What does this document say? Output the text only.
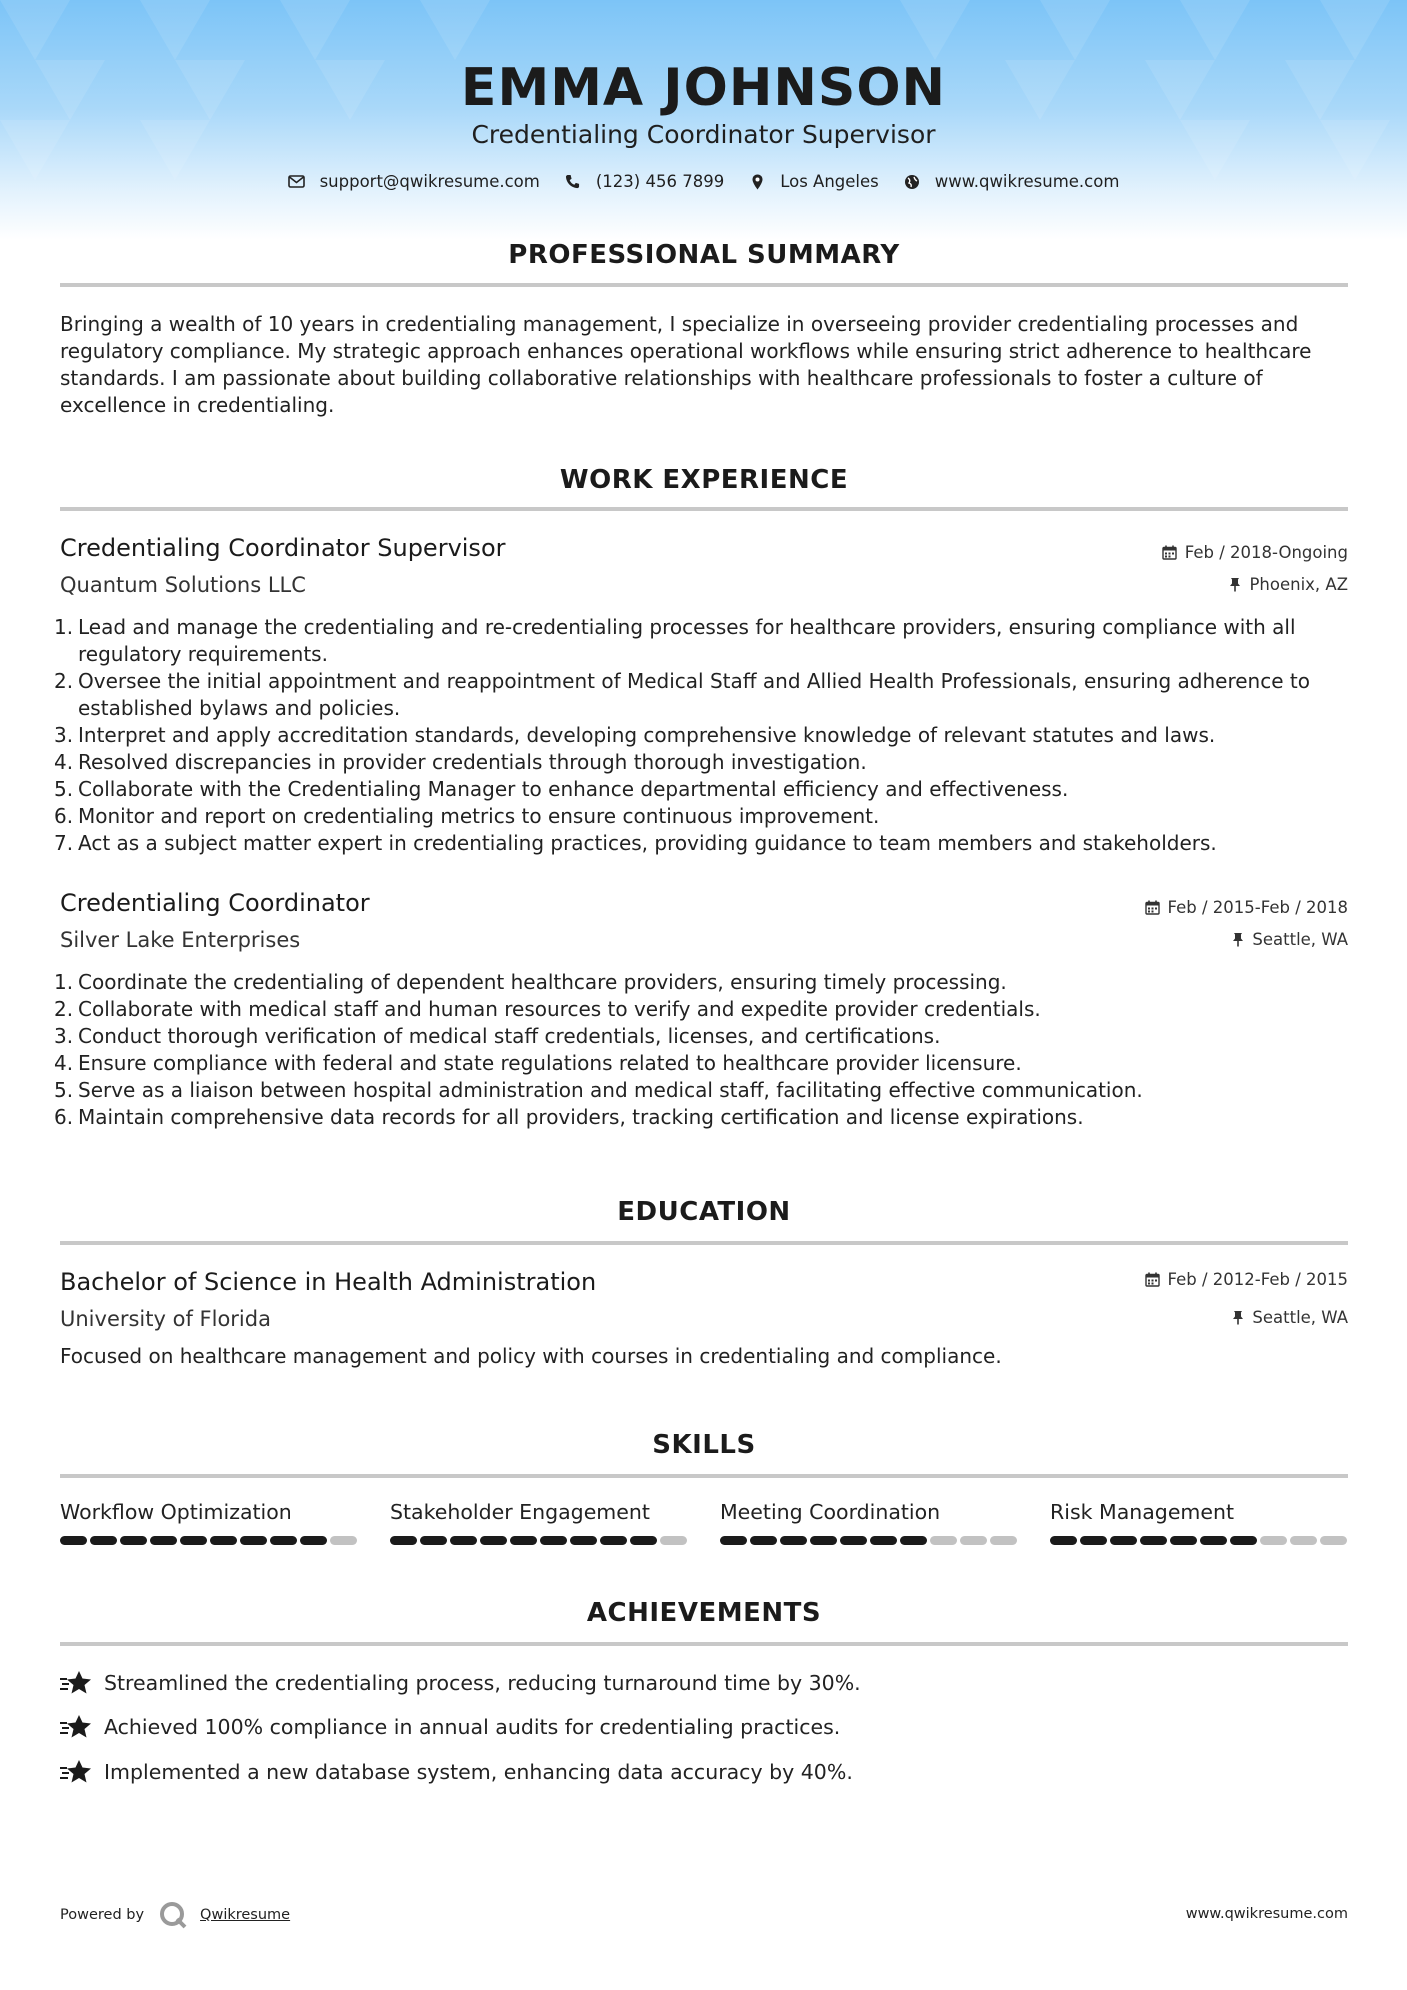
EMMA JOHNSON
Credentialing Coordinator Supervisor
support@qwikresume.com	(123) 456 7899	Los Angeles	www.qwikresume.com
PROFESSIONAL SUMMARY
Bringing a wealth of 10 years in credentialing management, I specialize in overseeing provider credentialing processes and regulatory compliance. My strategic approach enhances operational workflows while ensuring strict adherence to healthcare standards. I am passionate about building collaborative relationships with healthcare professionals to foster a culture of excellence in credentialing.
WORK EXPERIENCE
Credentialing Coordinator Supervisor	Feb / 2018-Ongoing
Quantum Solutions LLC	Phoenix, AZ
1. Lead and manage the credentialing and re-credentialing processes for healthcare providers, ensuring compliance with all regulatory requirements.
2. Oversee the initial appointment and reappointment of Medical Staff and Allied Health Professionals, ensuring adherence to established bylaws and policies.
3. Interpret and apply accreditation standards, developing comprehensive knowledge of relevant statutes and laws.
4. Resolved discrepancies in provider credentials through thorough investigation.
5. Collaborate with the Credentialing Manager to enhance departmental efficiency and effectiveness.
6. Monitor and report on credentialing metrics to ensure continuous improvement.
7. Act as a subject matter expert in credentialing practices, providing guidance to team members and stakeholders.
Credentialing Coordinator	Feb / 2015-Feb / 2018
Silver Lake Enterprises	Seattle, WA
1. Coordinate the credentialing of dependent healthcare providers, ensuring timely processing.
2. Collaborate with medical staff and human resources to verify and expedite provider credentials.
3. Conduct thorough verification of medical staff credentials, licenses, and certifications.
4. Ensure compliance with federal and state regulations related to healthcare provider licensure.
5. Serve as a liaison between hospital administration and medical staff, facilitating effective communication.
6. Maintain comprehensive data records for all providers, tracking certification and license expirations.
EDUCATION
Bachelor of Science in Health Administration	Feb / 2012-Feb / 2015
University of Florida	Seattle, WA
Focused on healthcare management and policy with courses in credentialing and compliance.
SKILLS
Workflow Optimization	Stakeholder Engagement	Meeting Coordination	Risk Management
ACHIEVEMENTS
Streamlined the credentialing process, reducing turnaround time by 30%.
Achieved 100% compliance in annual audits for credentialing practices.
Implemented a new database system, enhancing data accuracy by 40%.
Powered by	Qwikresume	www.qwikresume.com
